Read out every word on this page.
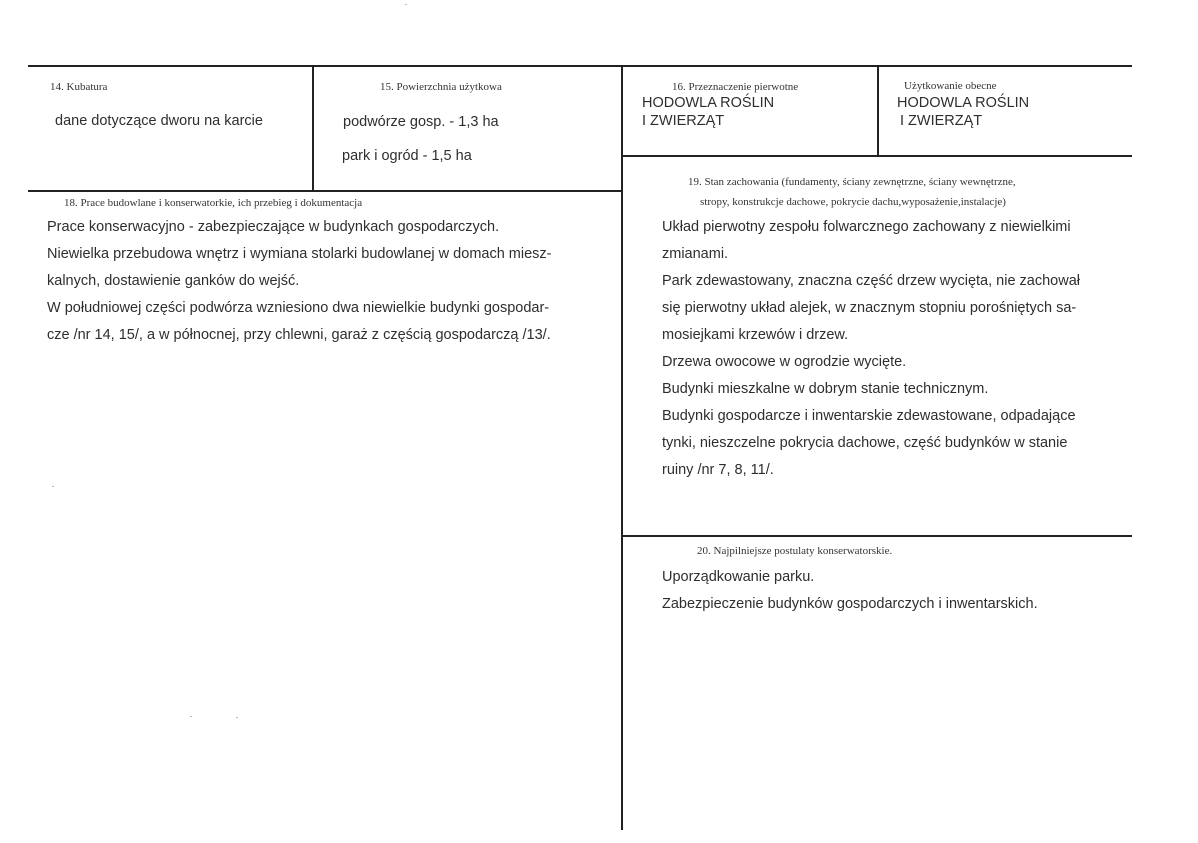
14. Kubatura
dane dotyczące dworu na karcie
15. Powierzchnia użytkowa
podwórze gosp. - 1,3 ha
park i ogród - 1,5 ha
16. Przeznaczenie pierwotne
HODOWLA ROŚLIN
I ZWIERZĄT
Użytkowanie obecne
HODOWLA ROŚLIN
I ZWIERZĄT
18. Prace budowlane i konserwatorkie, ich przebieg i dokumentacja
Prace konserwacyjno - zabezpieczające w budynkach gospodarczych.
Niewielka przebudowa wnętrz i wymiana stolarki budowlanej w domach miesz-
kalnych, dostawienie ganków do wejść.
W południowej części podwórza wzniesiono dwa niewielkie budynki gospodar-
cze /nr 14, 15/, a w północnej, przy chlewni, garaż z częścią gospodarczą /13/.
19. Stan zachowania (fundamenty, ściany zewnętrzne, ściany wewnętrzne,
stropy, konstrukcje dachowe, pokrycie dachu,wyposażenie,instalacje)
Układ pierwotny zespołu folwarcznego zachowany z niewielkimi
zmianami.
Park zdewastowany, znaczna część drzew wycięta, nie zachował
się pierwotny układ alejek, w znacznym stopniu porośniętych sa-
mosiejkami krzewów i drzew.
Drzewa owocowe w ogrodzie wycięte.
Budynki mieszkalne w dobrym stanie technicznym.
Budynki gospodarcze i inwentarskie zdewastowane, odpadające
tynki, nieszczelne pokrycia dachowe, część budynków w stanie
ruiny /nr 7, 8, 11/.
20. Najpilniejsze postulaty konserwatorskie.
Uporządkowanie parku.
Zabezpieczenie budynków gospodarczych i inwentarskich.
